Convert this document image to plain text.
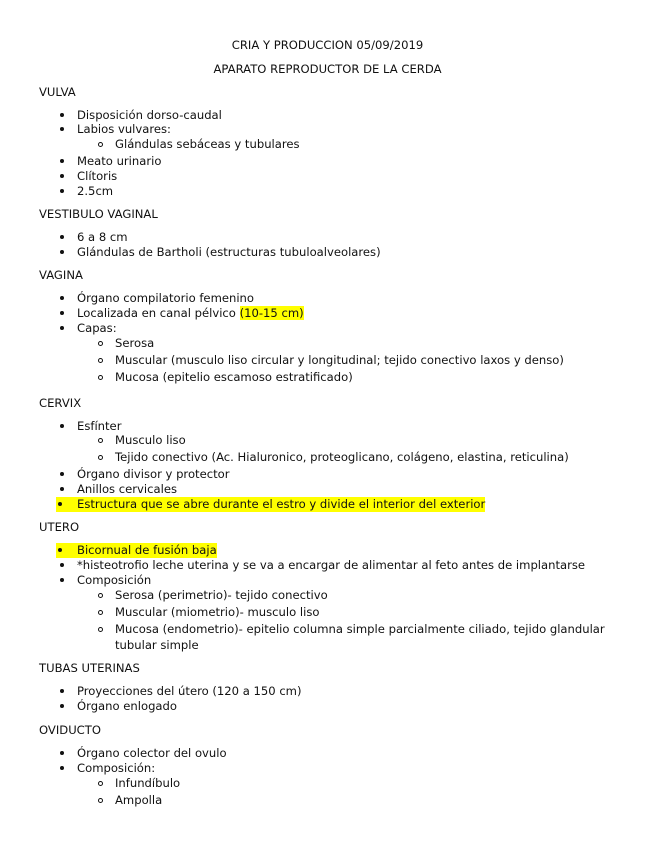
CRIA Y PRODUCCION 05/09/2019
APARATO REPRODUCTOR DE LA CERDA
VULVA
Disposición dorso-caudal
Labios vulvares:
Glándulas sebáceas y tubulares
Meato urinario
Clítoris
2.5cm
VESTIBULO VAGINAL
6 a 8 cm
Glándulas de Bartholi (estructuras tubuloalveolares)
VAGINA
Órgano compilatorio femenino
Localizada en canal pélvico (10-15 cm)
Capas:
Serosa
Muscular (musculo liso circular y longitudinal; tejido conectivo laxos y denso)
Mucosa (epitelio escamoso estratificado)
CERVIX
Esfínter
Musculo liso
Tejido conectivo (Ac. Hialuronico, proteoglicano, colágeno, elastina, reticulina)
Órgano divisor y protector
Anillos cervicales
Estructura que se abre durante el estro y divide el interior del exterior
UTERO
Bicornual de fusión baja
*histeotrofio leche uterina y se va a encargar de alimentar al feto antes de implantarse
Composición
Serosa (perimetrio)- tejido conectivo
Muscular (miometrio)- musculo liso
Mucosa (endometrio)- epitelio columna simple parcialmente ciliado, tejido glandular
tubular simple
TUBAS UTERINAS
Proyecciones del útero (120 a 150 cm)
Órgano enlogado
OVIDUCTO
Órgano colector del ovulo
Composición:
Infundíbulo
Ampolla
